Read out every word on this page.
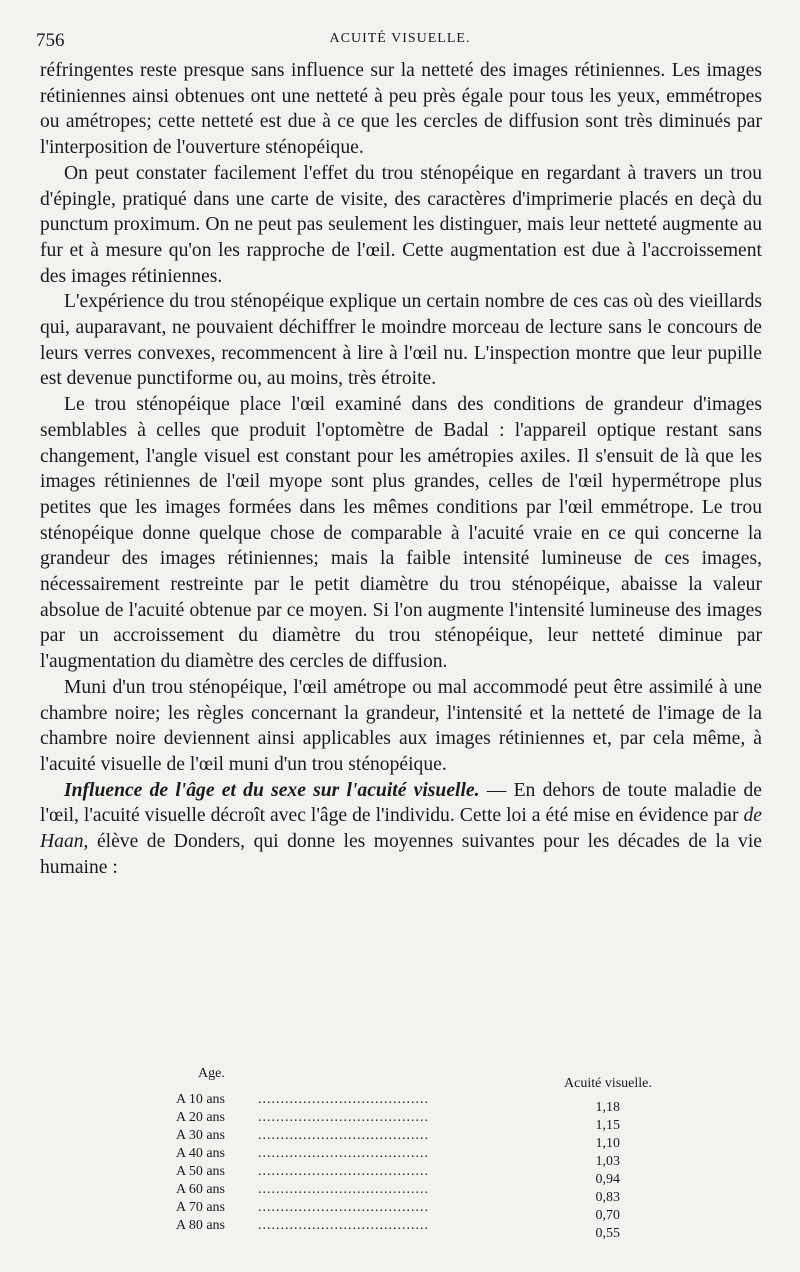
756	ACUITÉ VISUELLE.

réfringentes reste presque sans influence sur la netteté des images rétiniennes. Les images rétiniennes ainsi obtenues ont une netteté à peu près égale pour tous les yeux, emmétropes ou amétropes; cette netteté est due à ce que les cercles de diffusion sont très diminués par l'interposition de l'ouverture sténopéique.

On peut constater facilement l'effet du trou sténopéique en regardant à travers un trou d'épingle, pratiqué dans une carte de visite, des caractères d'imprimerie placés en deçà du punctum proximum. On ne peut pas seulement les distinguer, mais leur netteté augmente au fur et à mesure qu'on les rapproche de l'œil. Cette augmentation est due à l'accroissement des images rétiniennes.

L'expérience du trou sténopéique explique un certain nombre de ces cas où des vieillards qui, auparavant, ne pouvaient déchiffrer le moindre morceau de lecture sans le concours de leurs verres convexes, recommencent à lire à l'œil nu. L'inspection montre que leur pupille est devenue punctiforme ou, au moins, très étroite.

Le trou sténopéique place l'œil examiné dans des conditions de grandeur d'images semblables à celles que produit l'optomètre de Badal : l'appareil optique restant sans changement, l'angle visuel est constant pour les amétropies axiles. Il s'ensuit de là que les images rétiniennes de l'œil myope sont plus grandes, celles de l'œil hypermétrope plus petites que les images formées dans les mêmes conditions par l'œil emmétrope. Le trou sténopéique donne quelque chose de comparable à l'acuité vraie en ce qui concerne la grandeur des images rétiniennes; mais la faible intensité lumineuse de ces images, nécessairement restreinte par le petit diamètre du trou sténopéique, abaisse la valeur absolue de l'acuité obtenue par ce moyen. Si l'on augmente l'intensité lumineuse des images par un accroissement du diamètre du trou sténopéique, leur netteté diminue par l'augmentation du diamètre des cercles de diffusion.

Muni d'un trou sténopéique, l'œil amétrope ou mal accommodé peut être assimilé à une chambre noire; les règles concernant la grandeur, l'intensité et la netteté de l'image de la chambre noire deviennent ainsi applicables aux images rétiniennes et, par cela même, à l'acuité visuelle de l'œil muni d'un trou sténopéique.

Influence de l'âge et du sexe sur l'acuité visuelle. — En dehors de toute maladie de l'œil, l'acuité visuelle décroît avec l'âge de l'individu. Cette loi a été mise en évidence par de Haan, élève de Donders, qui donne les moyennes suivantes pour les décades de la vie humaine :

Age.
Acuité visuelle.
A 10 ans ......................................
1,18
A 20 ans ......................................
1,15
A 30 ans ......................................
1,10
A 40 ans ......................................
1,03
A 50 ans ......................................
0,94
A 60 ans ......................................
0,83
A 70 ans ......................................
0,70
A 80 ans ......................................
0,55
